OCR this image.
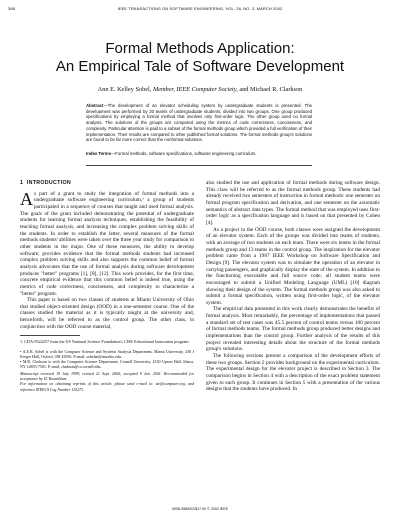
388	IEEE TRANSACTIONS ON SOFTWARE ENGINEERING, VOL. 28, NO. 3, MARCH 2002
Formal Methods Application:
An Empirical Tale of Software Development
Ann E. Kelley Sobel, Member, IEEE Computer Society, and Michael R. Clarkson
Abstract—The development of an elevator scheduling system by undergraduate students is presented. The development was performed by 20 teams of undergraduate students, divided into two groups. One group produced specifications by employing a formal method that involves only first-order logic. The other group used no formal analysis. The solutions of the groups are compared using the metrics of code correctness, conciseness, and complexity. Particular attention is paid to a subset of the formal methods group which provided a full verification of their implementation. Their results are compared to other published formal solutions. The formal methods group's solutions are found to be far more correct than the nonformal solutions.
Index Terms—Formal methods, software specifications, software engineering curriculum.
1 INTRODUCTION

As part of a grant to study the integration of formal methods into a undergraduate software engineering curriculum,¹ a group of students participated in a sequence of courses that taught and used formal analysis. The goals of the grant included demonstrating the potential of undergraduate students for learning formal analysis techniques, establishing the feasibility of teaching formal analysis, and increasing the complex problem solving skills of the students. In order to establish the latter, several measures of the formal methods students' abilities were taken over the three year study for comparison to other students in the major. One of these measures, the ability to develop software, provides evidence that the formal methods students had increased complex problem solving skills and also supports the common belief of formal analysis advocates that the use of formal analysis during software development produces "better" programs [1], [8], [12]. This work provides, for the first time, concrete empirical evidence that this common belief is indeed true, using the metrics of code correctness, conciseness, and complexity to characterize a "better" program.

This paper is based on two classes of students at Miami University of Ohio that studied object-oriented design (OOD) in a one-semester course. One of the classes studied the material as it is typically taught at the university and, henceforth, will be referred to as the control group. The other class, in conjunction with the OOD course material,

1. CDA-9522257 from the US National Science Foundation's CISE Educational Innovation program.

• A.E.K. Sobel is with the Computer Science and Systems Analysis Department, Miami University, 230 J Kreger Hall, Oxford, OH 45056. E-mail: sobelae@muohio.edu.
• M.R. Clarkson is with the Computer Science Department, Cornell University, 4130 Upson Hall, Ithaca, NY 14853-7501. E-mail: clarkson@cs.cornell.edu.
Manuscript received 19 July 1999; revised 21 Sept. 2000; accepted 9 Jan. 2001. Recommended for acceptance by D. Rosenblum.
For information on obtaining reprints of this article, please send e-mail to: tse@computer.org, and reference IEEECS Log Number 110273.

also studied the use and application of formal methods during software design. This class will be referred to as the formal methods group. These students had already received two semesters of instruction in formal methods: one semester on formal program specification and derivation, and one semester on the axiomatic semantics of abstract data types. The formal method that was employed uses first-order logic as a specification language and is based on that presented by Cohen [4].

As a project in the OOD course, both classes were assigned the development of an elevator system. Each of the groups was divided into teams of students, with an average of two students on each team. There were six teams in the formal methods group and 13 teams in the control group. The inspiration for the elevator problem came from a 1987 IEEE Workshop on Software Specification and Design [9]. The elevator system was to simulate the operation of an elevator in carrying passengers, and graphically display the state of the system. In addition to the functioning executable and full source code, all student teams were encouraged to submit a Unified Modeling Language (UML) [10] diagram showing their design of the system. The formal methods group was also asked to submit a formal specification, written using first-order logic, of the elevator system.

The empirical data presented in this work clearly demonstrates the benefits of formal analysis. Most remarkably, the percentage of implementations that passed a standard set of test cases was 45.5 percent of control teams versus 100 percent of formal methods teams. The formal methods group produced better designs and implementations than the control group. Further analysis of the results of this project revealed interesting details about the structure of the formal methods group's solutions.

The following sections present a comparison of the development efforts of these two groups. Section 2 provides background on the experimental curriculum. The experimental design for the elevator project is described in Section 3. The comparison begins in Section 4 with a description of the exact problem statement given to each group. It continues in Section 5 with a presentation of the various designs that the students have produced. In

0098-5589/02/$17.00 © 2002 IEEE
